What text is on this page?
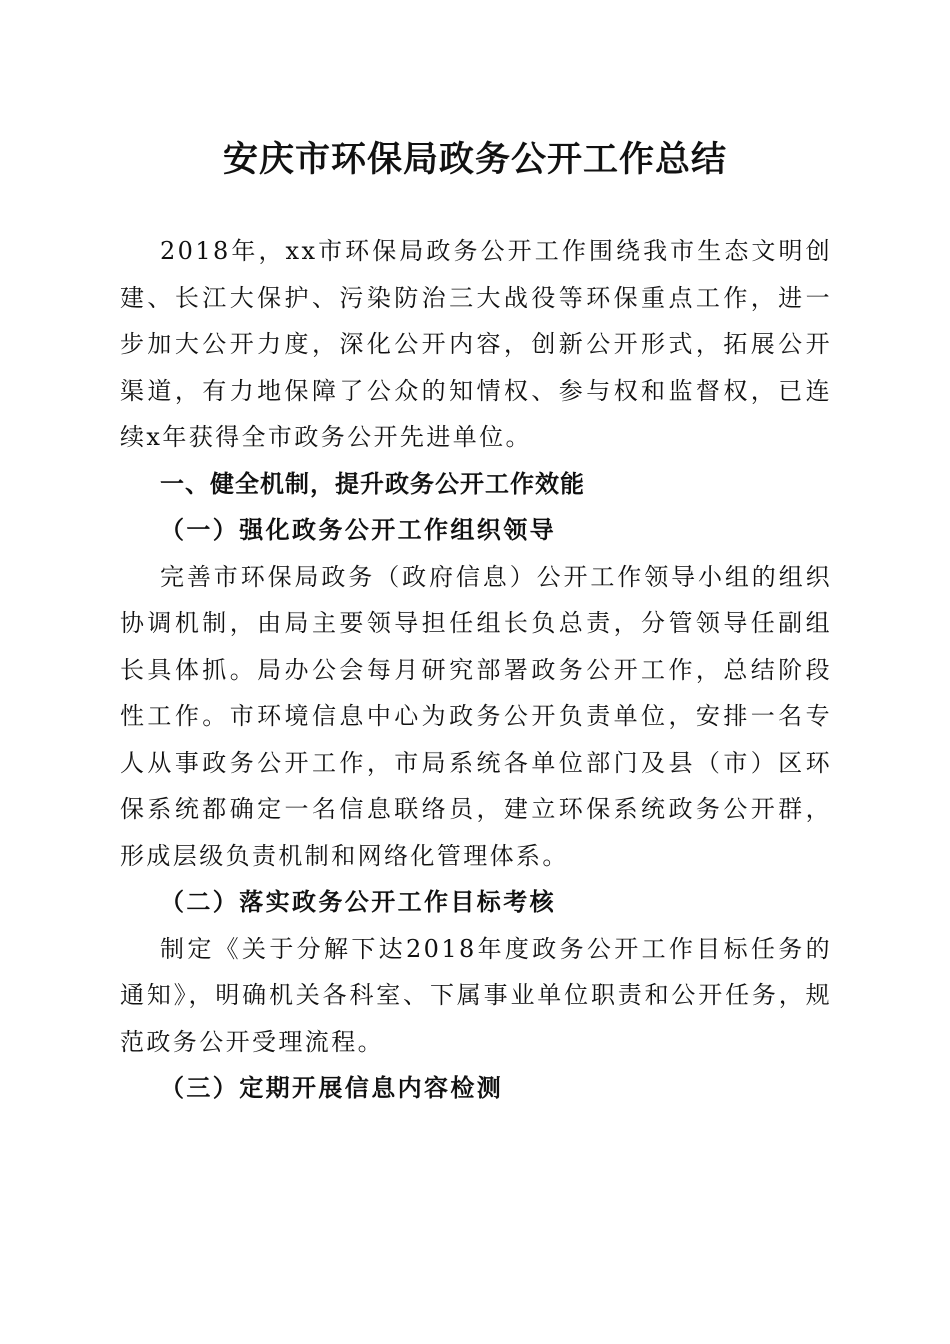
安庆市环保局政务公开工作总结

2018年，xx市环保局政务公开工作围绕我市生态文明创建、长江大保护、污染防治三大战役等环保重点工作，进一步加大公开力度，深化公开内容，创新公开形式，拓展公开渠道，有力地保障了公众的知情权、参与权和监督权，已连续x年获得全市政务公开先进单位。

一、健全机制，提升政务公开工作效能

（一）强化政务公开工作组织领导

完善市环保局政务（政府信息）公开工作领导小组的组织协调机制，由局主要领导担任组长负总责，分管领导任副组长具体抓。局办公会每月研究部署政务公开工作，总结阶段性工作。市环境信息中心为政务公开负责单位，安排一名专人从事政务公开工作，市局系统各单位部门及县（市）区环保系统都确定一名信息联络员，建立环保系统政务公开群，形成层级负责机制和网络化管理体系。

（二）落实政务公开工作目标考核

制定《关于分解下达2018年度政务公开工作目标任务的通知》，明确机关各科室、下属事业单位职责和公开任务，规范政务公开受理流程。

（三）定期开展信息内容检测
